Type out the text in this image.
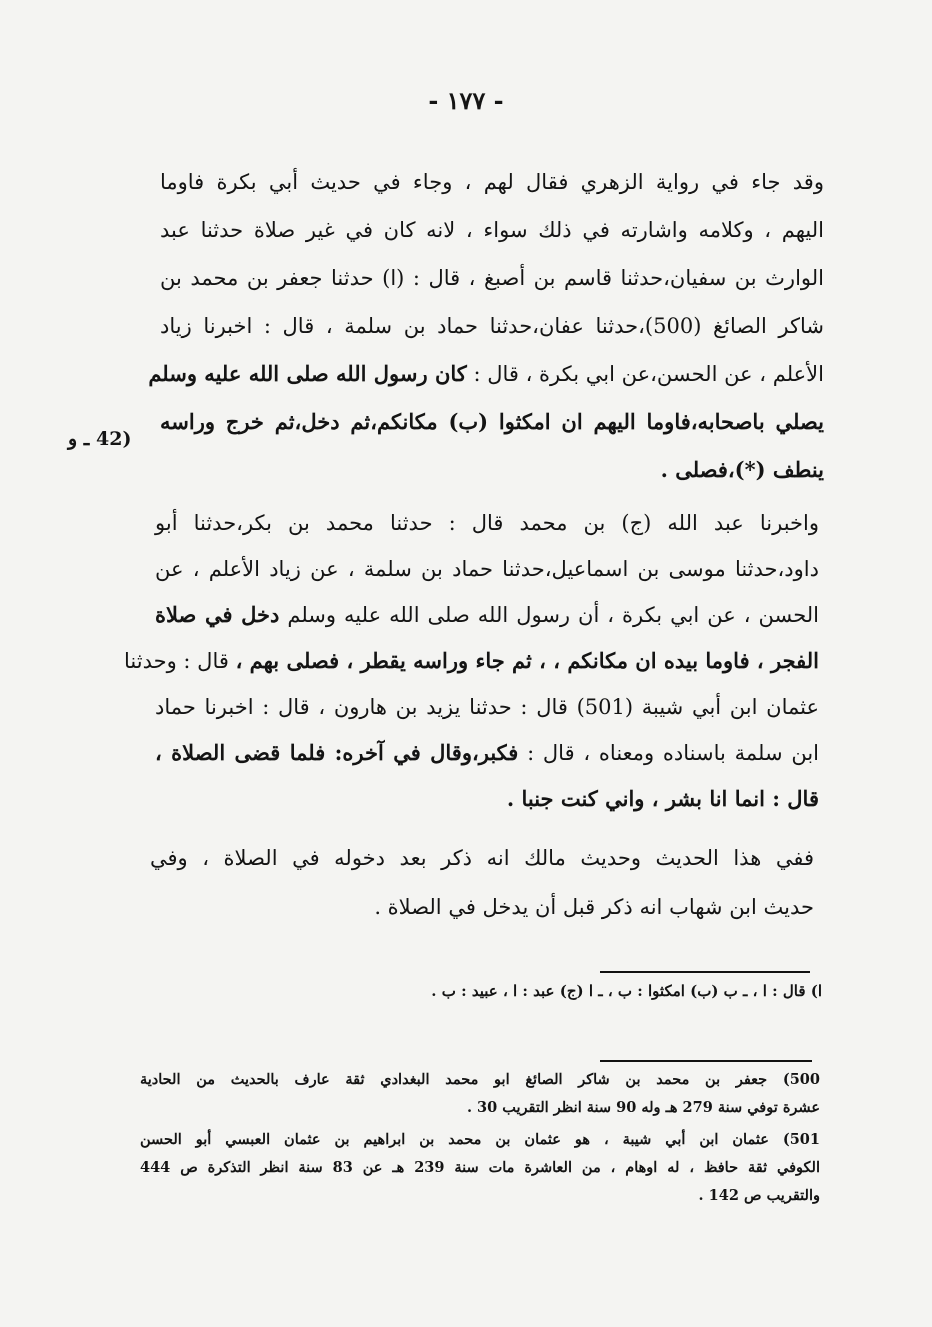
- ١٧٧ -
وقد جاء في رواية الزهري فقال لهم ، وجاء في حديث أبي بكرة فاوما
اليهم ، وكلامه واشارته في ذلك سواء ، لانه كان في غير صلاة حدثنا عبد
الوارث بن سفيان،حدثنا قاسم بن أصبغ ، قال : (ا) حدثنا جعفر بن محمد بن
شاكر الصائغ (500)،حدثنا عفان،حدثنا حماد بن سلمة ، قال : اخبرنا زياد
الأعلم ، عن الحسن،عن ابي بكرة ، قال : كان رسول الله صلى الله عليه وسلم
يصلي باصحابه،فاوما اليهم ان امكثوا (ب) مكانكم،ثم دخل،ثم خرج وراسه
ينطف (*)،فصلى .
(42 ـ و
واخبرنا عبد الله (ج) بن محمد قال : حدثنا محمد بن بكر،حدثنا أبو
داود،حدثنا موسى بن اسماعيل،حدثنا حماد بن سلمة ، عن زياد الأعلم ، عن
الحسن ، عن ابي بكرة ، أن رسول الله صلى الله عليه وسلم دخل في صلاة
الفجر ، فاوما بيده ان مكانكم ، ، ثم جاء وراسه يقطر ، فصلى بهم ، قال : وحدثنا
عثمان ابن أبي شيبة (501) قال : حدثنا يزيد بن هارون ، قال : اخبرنا حماد
ابن سلمة باسناده ومعناه ، قال : فكبر،وقال في آخره: فلما قضى الصلاة ،
قال : انما انا بشر ، واني كنت جنبا .
ففي هذا الحديث وحديث مالك انه ذكر بعد دخوله في الصلاة ، وفي
حديث ابن شهاب انه ذكر قبل أن يدخل في الصلاة .
ا) قال : ا ، ـ ب (ب) امكثوا : ب ، ـ ا (ج) عبد : ا ، عبيد : ب .
500) جعفر بن محمد بن شاكر الصائغ ابو محمد البغدادي ثقة عارف بالحديث من الحادية
عشرة توفي سنة 279 هـ وله 90 سنة انظر التقريب 30 .
501) عثمان ابن أبي شيبة ، هو عثمان بن محمد بن ابراهيم بن عثمان العبسي أبو الحسن
الكوفي ثقة حافظ ، له اوهام ، من العاشرة مات سنة 239 هـ عن 83 سنة انظر التذكرة ص 444
والتقريب ص 142 .
